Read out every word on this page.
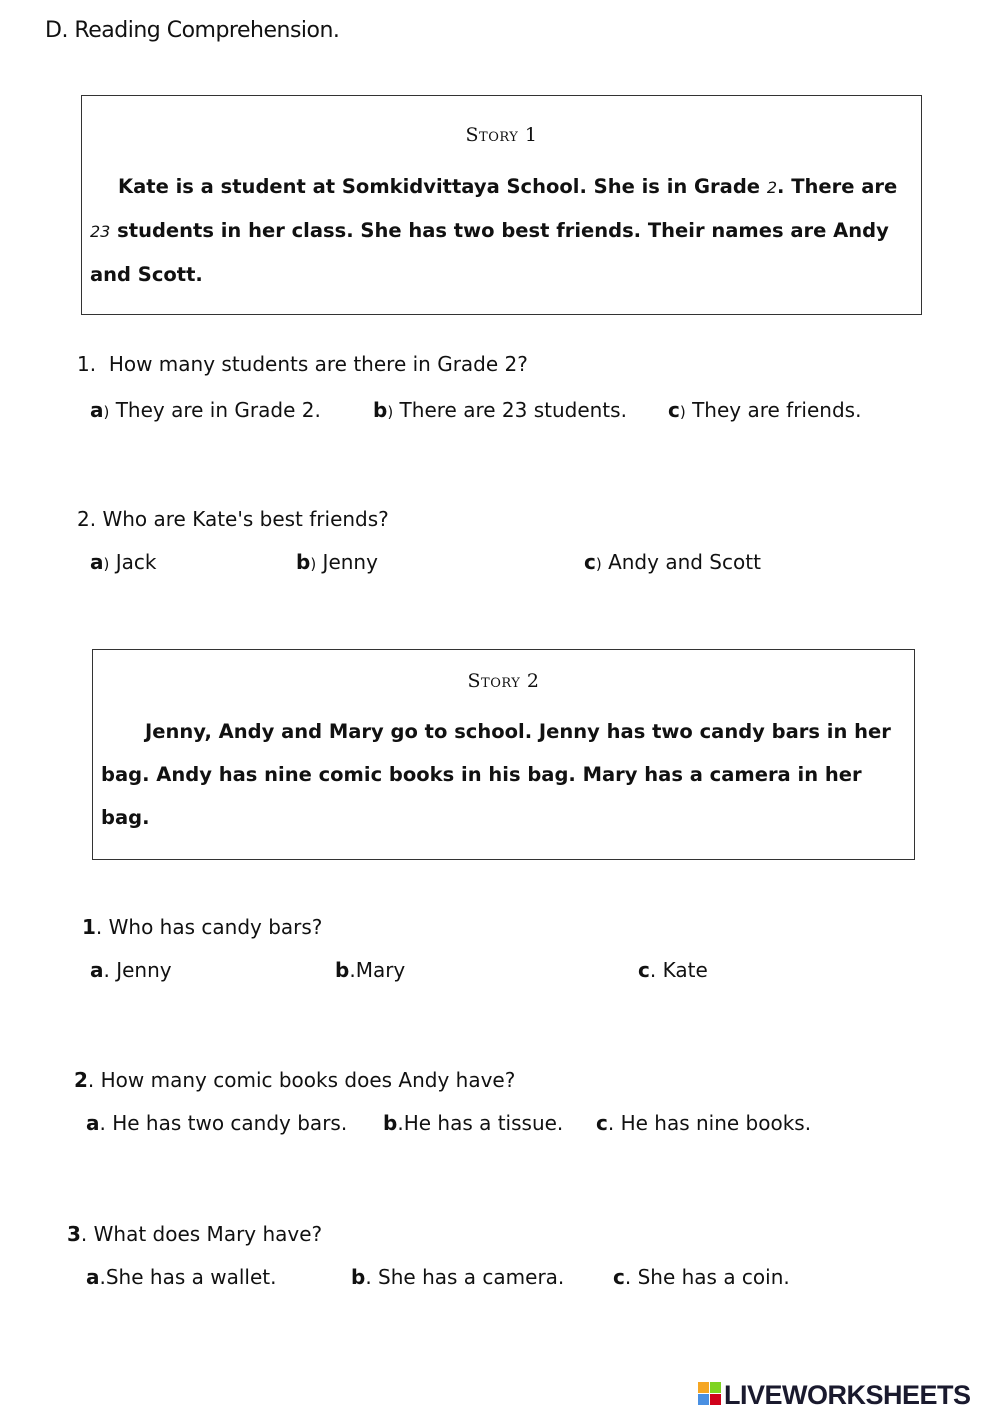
D. Reading Comprehension.
Story 1
Kate is a student at Somkidvittaya School. She is in Grade 2. There are 23 students in her class. She has two best friends. Their names are Andy and Scott.
1. How many students are there in Grade 2?
a) They are in Grade 2.	b) There are 23 students. c) They are friends.
2. Who are Kate's best friends?
a) Jack	b) Jenny	c) Andy and Scott
Story 2
Jenny, Andy and Mary go to school. Jenny has two candy bars in her bag. Andy has nine comic books in his bag. Mary has a camera in her bag.
1. Who has candy bars?
a. Jenny	b.Mary	c. Kate
2. How many comic books does Andy have?
a. He has two candy bars. b.He has a tissue. c. He has nine books.
3. What does Mary have?
a.She has a wallet.	b. She has a camera. c. She has a coin.
LIVEWORKSHEETS
